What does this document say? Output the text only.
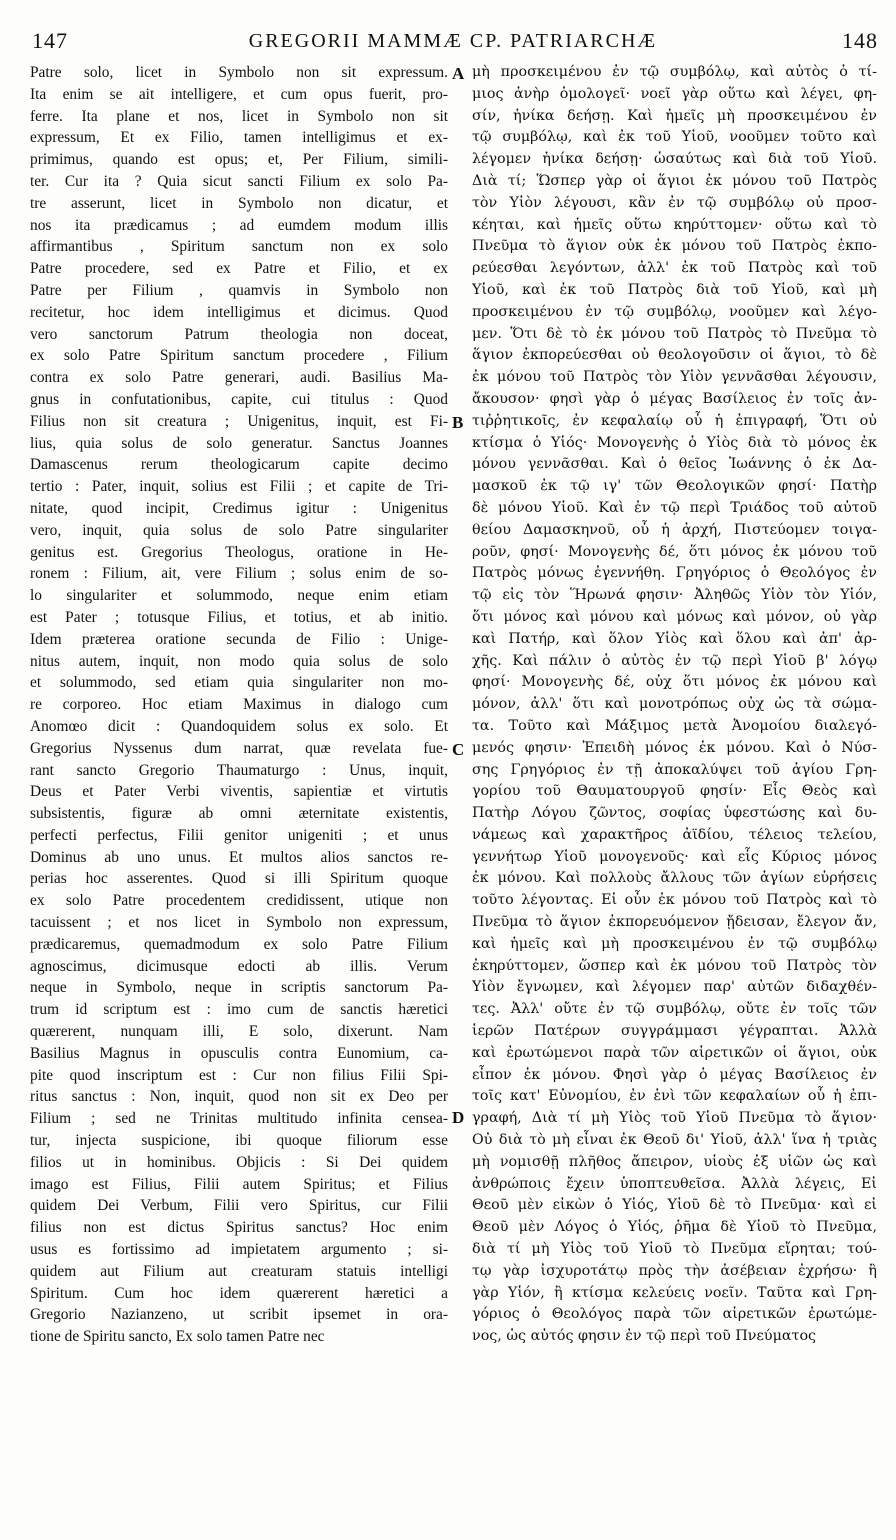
147	GREGORII MAMMÆ CP. PATRIARCHÆ	148
Patre solo, licet in Symbolo non sit expressum.
Ita enim se ait intelligere, et cum opus fuerit, pro-
ferre. Ita plane et nos, licet in Symbolo non sit
expressum, Et ex Filio, tamen intelligimus et ex-
primimus, quando est opus; et, Per Filium, simili-
ter. Cur ita ? Quia sicut sancti Filium ex solo Pa-
tre asserunt, licet in Symbolo non dicatur, et
nos ita prædicamus ; ad eumdem modum illis
affirmantibus , Spiritum sanctum non ex solo
Patre procedere, sed ex Patre et Filio, et ex
Patre per Filium , quamvis in Symbolo non
recitetur, hoc idem intelligimus et dicimus. Quod
vero sanctorum Patrum theologia non doceat,
ex solo Patre Spiritum sanctum procedere , Filium
contra ex solo Patre generari, audi. Basilius Ma-
gnus in confutationibus, capite, cui titulus : Quod
Filius non sit creatura ; Unigenitus, inquit, est Fi-
lius, quia solus de solo generatur. Sanctus Joannes
Damascenus rerum theologicarum capite decimo
tertio : Pater, inquit, solius est Filii ; et capite de Tri-
nitate, quod incipit, Credimus igitur : Unigenitus
vero, inquit, quia solus de solo Patre singulariter
genitus est. Gregorius Theologus, oratione in He-
ronem : Filium, ait, vere Filium ; solus enim de so-
lo singulariter et solummodo, neque enim etiam
est Pater ; totusque Filius, et totius, et ab initio.
Idem præterea oratione secunda de Filio : Unige-
nitus autem, inquit, non modo quia solus de solo
et solummodo, sed etiam quia singulariter non mo-
re corporeo. Hoc etiam Maximus in dialogo cum
Anomœo dicit : Quandoquidem solus ex solo. Et
Gregorius Nyssenus dum narrat, quæ revelata fue-
rant sancto Gregorio Thaumaturgo : Unus, inquit,
Deus et Pater Verbi viventis, sapientiæ et virtutis
subsistentis, figuræ ab omni æternitate existentis,
perfecti perfectus, Filii genitor unigeniti ; et unus
Dominus ab uno unus. Et multos alios sanctos re-
perias hoc asserentes. Quod si illi Spiritum quoque
ex solo Patre procedentem credidissent, utique non
tacuissent ; et nos licet in Symbolo non expressum,
prædicaremus, quemadmodum ex solo Patre Filium
agnoscimus, dicimusque edocti ab illis. Verum
neque in Symbolo, neque in scriptis sanctorum Pa-
trum id scriptum est : imo cum de sanctis hæretici
quærerent, nunquam illi, E solo, dixerunt. Nam
Basilius Magnus in opusculis contra Eunomium, ca-
pite quod inscriptum est : Cur non filius Filii Spi-
ritus sanctus : Non, inquit, quod non sit ex Deo per
Filium ; sed ne Trinitas multitudo infinita censea-
tur, injecta suspicione, ibi quoque filiorum esse
filios ut in hominibus. Objicis : Si Dei quidem
imago est Filius, Filii autem Spiritus; et Filius
quidem Dei Verbum, Filii vero Spiritus, cur Filii
filius non est dictus Spiritus sanctus? Hoc enim
usus es fortissimo ad impietatem argumento ; si-
quidem aut Filium aut creaturam statuis intelligi
Spiritum. Cum hoc idem quærerent hæretici a
Gregorio Nazianzeno, ut scribit ipsemet in ora-
tione de Spiritu sancto, Ex solo tamen Patre nec
μὴ προσκειμένου ἐν τῷ συμβόλῳ, καὶ αὐτὸς ὁ τί-
μιος ἀνὴρ ὁμολογεῖ· νοεῖ γὰρ οὕτω καὶ λέγει, φη-
σίν, ἡνίκα δεήσῃ. Καὶ ἡμεῖς μὴ προσκειμένου ἐν
τῷ συμβόλῳ, καὶ ἐκ τοῦ Υἱοῦ, νοοῦμεν τοῦτο καὶ
λέγομεν ἡνίκα δεήσῃ· ὡσαύτως καὶ διὰ τοῦ Υἱοῦ.
Διὰ τί; Ὥσπερ γὰρ οἱ ἅγιοι ἐκ μόνου τοῦ Πατρὸς
τὸν Υἱὸν λέγουσι, κἂν ἐν τῷ συμβόλῳ οὐ προσ-
κέηται, καὶ ἡμεῖς οὕτω κηρύττομεν· οὕτω καὶ τὸ
Πνεῦμα τὸ ἅγιον οὐκ ἐκ μόνου τοῦ Πατρὸς ἐκπο-
ρεύεσθαι λεγόντων, ἀλλ' ἐκ τοῦ Πατρὸς καὶ τοῦ
Υἱοῦ, καὶ ἐκ τοῦ Πατρὸς διὰ τοῦ Υἱοῦ, καὶ μὴ
προσκειμένου ἐν τῷ συμβόλῳ, νοοῦμεν καὶ λέγο-
μεν. Ὅτι δὲ τὸ ἐκ μόνου τοῦ Πατρὸς τὸ Πνεῦμα τὸ
ἅγιον ἐκπορεύεσθαι οὐ θεολογοῦσιν οἱ ἅγιοι, τὸ δὲ
ἐκ μόνου τοῦ Πατρὸς τὸν Υἱὸν γεννᾶσθαι λέγουσιν,
ἄκουσον· φησὶ γὰρ ὁ μέγας Βασίλειος ἐν τοῖς ἀν-
τιῤῥητικοῖς, ἐν κεφαλαίῳ οὗ ἡ ἐπιγραφή, Ὅτι οὐ
κτίσμα ὁ Υἱός· Μονογενὴς ὁ Υἱὸς διὰ τὸ μόνος ἐκ
μόνου γεννᾶσθαι. Καὶ ὁ θεῖος Ἰωάννης ὁ ἐκ Δα-
μασκοῦ ἐκ τῷ ιγ' τῶν Θεολογικῶν φησί· Πατὴρ
δὲ μόνου Υἱοῦ. Καὶ ἐν τῷ περὶ Τριάδος τοῦ αὐτοῦ
θείου Δαμασκηνοῦ, οὗ ἡ ἀρχή, Πιστεύομεν τοιγα-
ροῦν, φησί· Μονογενὴς δέ, ὅτι μόνος ἐκ μόνου τοῦ
Πατρὸς μόνως ἐγεννήθη. Γρηγόριος ὁ Θεολόγος ἐν
τῷ εἰς τὸν Ἥρωνά φησιν· Ἀληθῶς Υἱὸν τὸν Υἱόν,
ὅτι μόνος καὶ μόνου καὶ μόνως καὶ μόνον, οὐ γὰρ
καὶ Πατήρ, καὶ ὅλον Υἱὸς καὶ ὅλου καὶ ἀπ' ἀρ-
χῆς. Καὶ πάλιν ὁ αὐτὸς ἐν τῷ περὶ Υἱοῦ β' λόγῳ
φησί· Μονογενὴς δέ, οὐχ ὅτι μόνος ἐκ μόνου καὶ
μόνον, ἀλλ' ὅτι καὶ μονοτρόπως οὐχ ὡς τὰ σώμα-
τα. Τοῦτο καὶ Μάξιμος μετὰ Ἀνομοίου διαλεγό-
μενός φησιν· Ἐπειδὴ μόνος ἐκ μόνου. Καὶ ὁ Νύσ-
σης Γρηγόριος ἐν τῇ ἀποκαλύψει τοῦ ἁγίου Γρη-
γορίου τοῦ Θαυματουργοῦ φησίν· Εἷς Θεὸς καὶ
Πατὴρ Λόγου ζῶντος, σοφίας ὑφεστώσης καὶ δυ-
νάμεως καὶ χαρακτῆρος ἀϊδίου, τέλειος τελείου,
γεννήτωρ Υἱοῦ μονογενοῦς· καὶ εἷς Κύριος μόνος
ἐκ μόνου. Καὶ πολλοὺς ἄλλους τῶν ἁγίων εὑρήσεις
τοῦτο λέγοντας. Εἰ οὖν ἐκ μόνου τοῦ Πατρὸς καὶ τὸ
Πνεῦμα τὸ ἅγιον ἐκπορευόμενον ᾔδεισαν, ἔλεγον ἄν,
καὶ ἡμεῖς καὶ μὴ προσκειμένου ἐν τῷ συμβόλῳ
ἐκηρύττομεν, ὥσπερ καὶ ἐκ μόνου τοῦ Πατρὸς τὸν
Υἱὸν ἔγνωμεν, καὶ λέγομεν παρ' αὐτῶν διδαχθέν-
τες. Ἀλλ' οὔτε ἐν τῷ συμβόλῳ, οὔτε ἐν τοῖς τῶν
ἱερῶν Πατέρων συγγράμμασι γέγραπται. Ἀλλὰ
καὶ ἐρωτώμενοι παρὰ τῶν αἱρετικῶν οἱ ἅγιοι, οὐκ
εἶπον ἐκ μόνου. Φησὶ γὰρ ὁ μέγας Βασίλειος ἐν
τοῖς κατ' Εὐνομίου, ἐν ἑνὶ τῶν κεφαλαίων οὗ ἡ ἐπι-
γραφή, Διὰ τί μὴ Υἱὸς τοῦ Υἱοῦ Πνεῦμα τὸ ἅγιον·
Οὐ διὰ τὸ μὴ εἶναι ἐκ Θεοῦ δι' Υἱοῦ, ἀλλ' ἵνα ἡ τριὰς
μὴ νομισθῇ πλῆθος ἄπειρον, υἱοὺς ἐξ υἱῶν ὡς καὶ
ἀνθρώποις ἔχειν ὑποπτευθεῖσα. Ἀλλὰ λέγεις, Εἰ
Θεοῦ μὲν εἰκὼν ὁ Υἱός, Υἱοῦ δὲ τὸ Πνεῦμα· καὶ εἰ
Θεοῦ μὲν Λόγος ὁ Υἱός, ῥῆμα δὲ Υἱοῦ τὸ Πνεῦμα,
διὰ τί μὴ Υἱὸς τοῦ Υἱοῦ τὸ Πνεῦμα εἴρηται; τού-
τῳ γὰρ ἰσχυροτάτῳ πρὸς τὴν ἀσέβειαν ἐχρήσω· ἢ
γὰρ Υἱόν, ἢ κτίσμα κελεύεις νοεῖν. Ταῦτα καὶ Γρη-
γόριος ὁ Θεολόγος παρὰ τῶν αἱρετικῶν ἐρωτώμε-
νος, ὡς αὐτός φησιν ἐν τῷ περὶ τοῦ Πνεύματος
A
B
C
D
